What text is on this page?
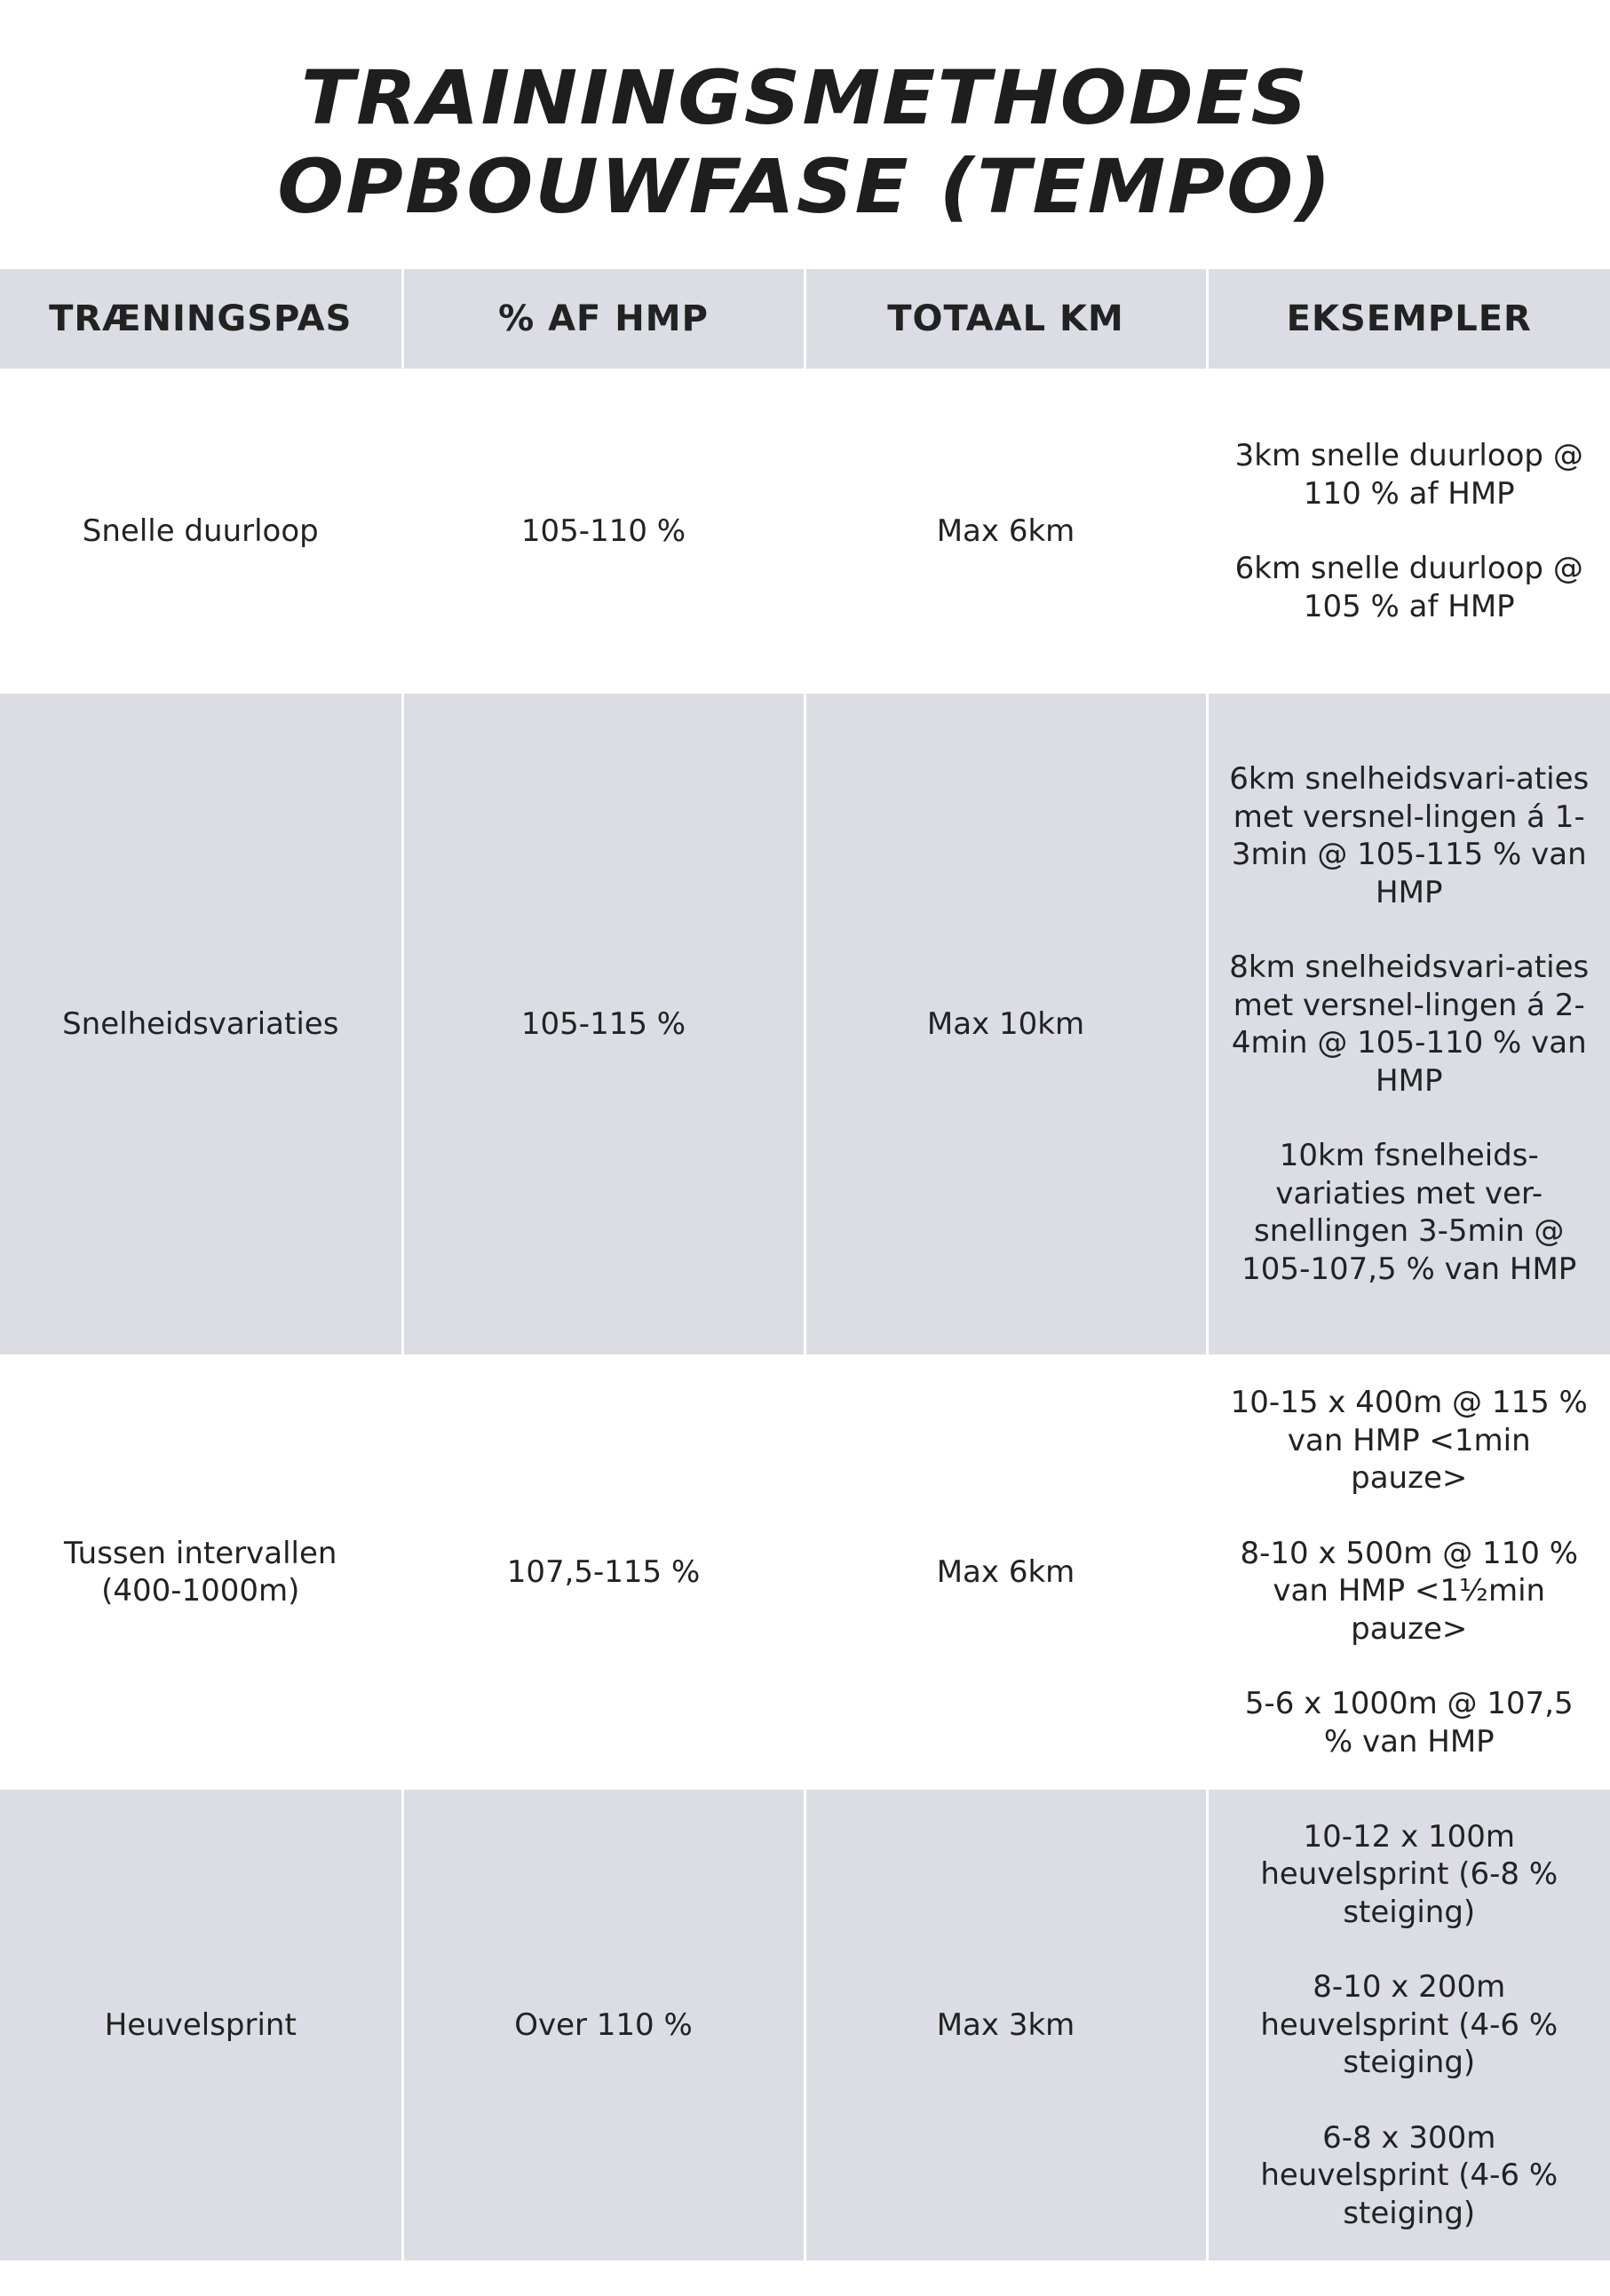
TRAININGSMETHODES
OPBOUWFASE (TEMPO)
TRÆNINGSPAS	% AF HMP	TOTAAL KM	EKSEMPLER
Snelle duurloop	105-110 %	Max 6km	3km snelle duurloop @ 110 % af HMP
6km snelle duurloop @ 105 % af HMP

Snelheidsvariaties	105-115 %	Max 10km	6km snelheidsvari-aties met versnel-lingen á 1-3min @ 105-115 % van HMP
8km snelheidsvari-aties met versnel-lingen á 2-4min @ 105-110 % van HMP
10km fsnelheids-variaties met ver-snellingen 3-5min @ 105-107,5 % van HMP

Tussen intervallen (400-1000m)	107,5-115 %	Max 6km	10-15 x 400m @ 115 % van HMP <1min pauze>
8-10 x 500m @ 110 % van HMP <1½min pauze>
5-6 x 1000m @ 107,5 % van HMP

Heuvelsprint	Over 110 %	Max 3km	10-12 x 100m heuvelsprint (6-8 % steiging)
8-10 x 200m heuvelsprint (4-6 % steiging)
6-8 x 300m heuvelsprint (4-6 % steiging)
